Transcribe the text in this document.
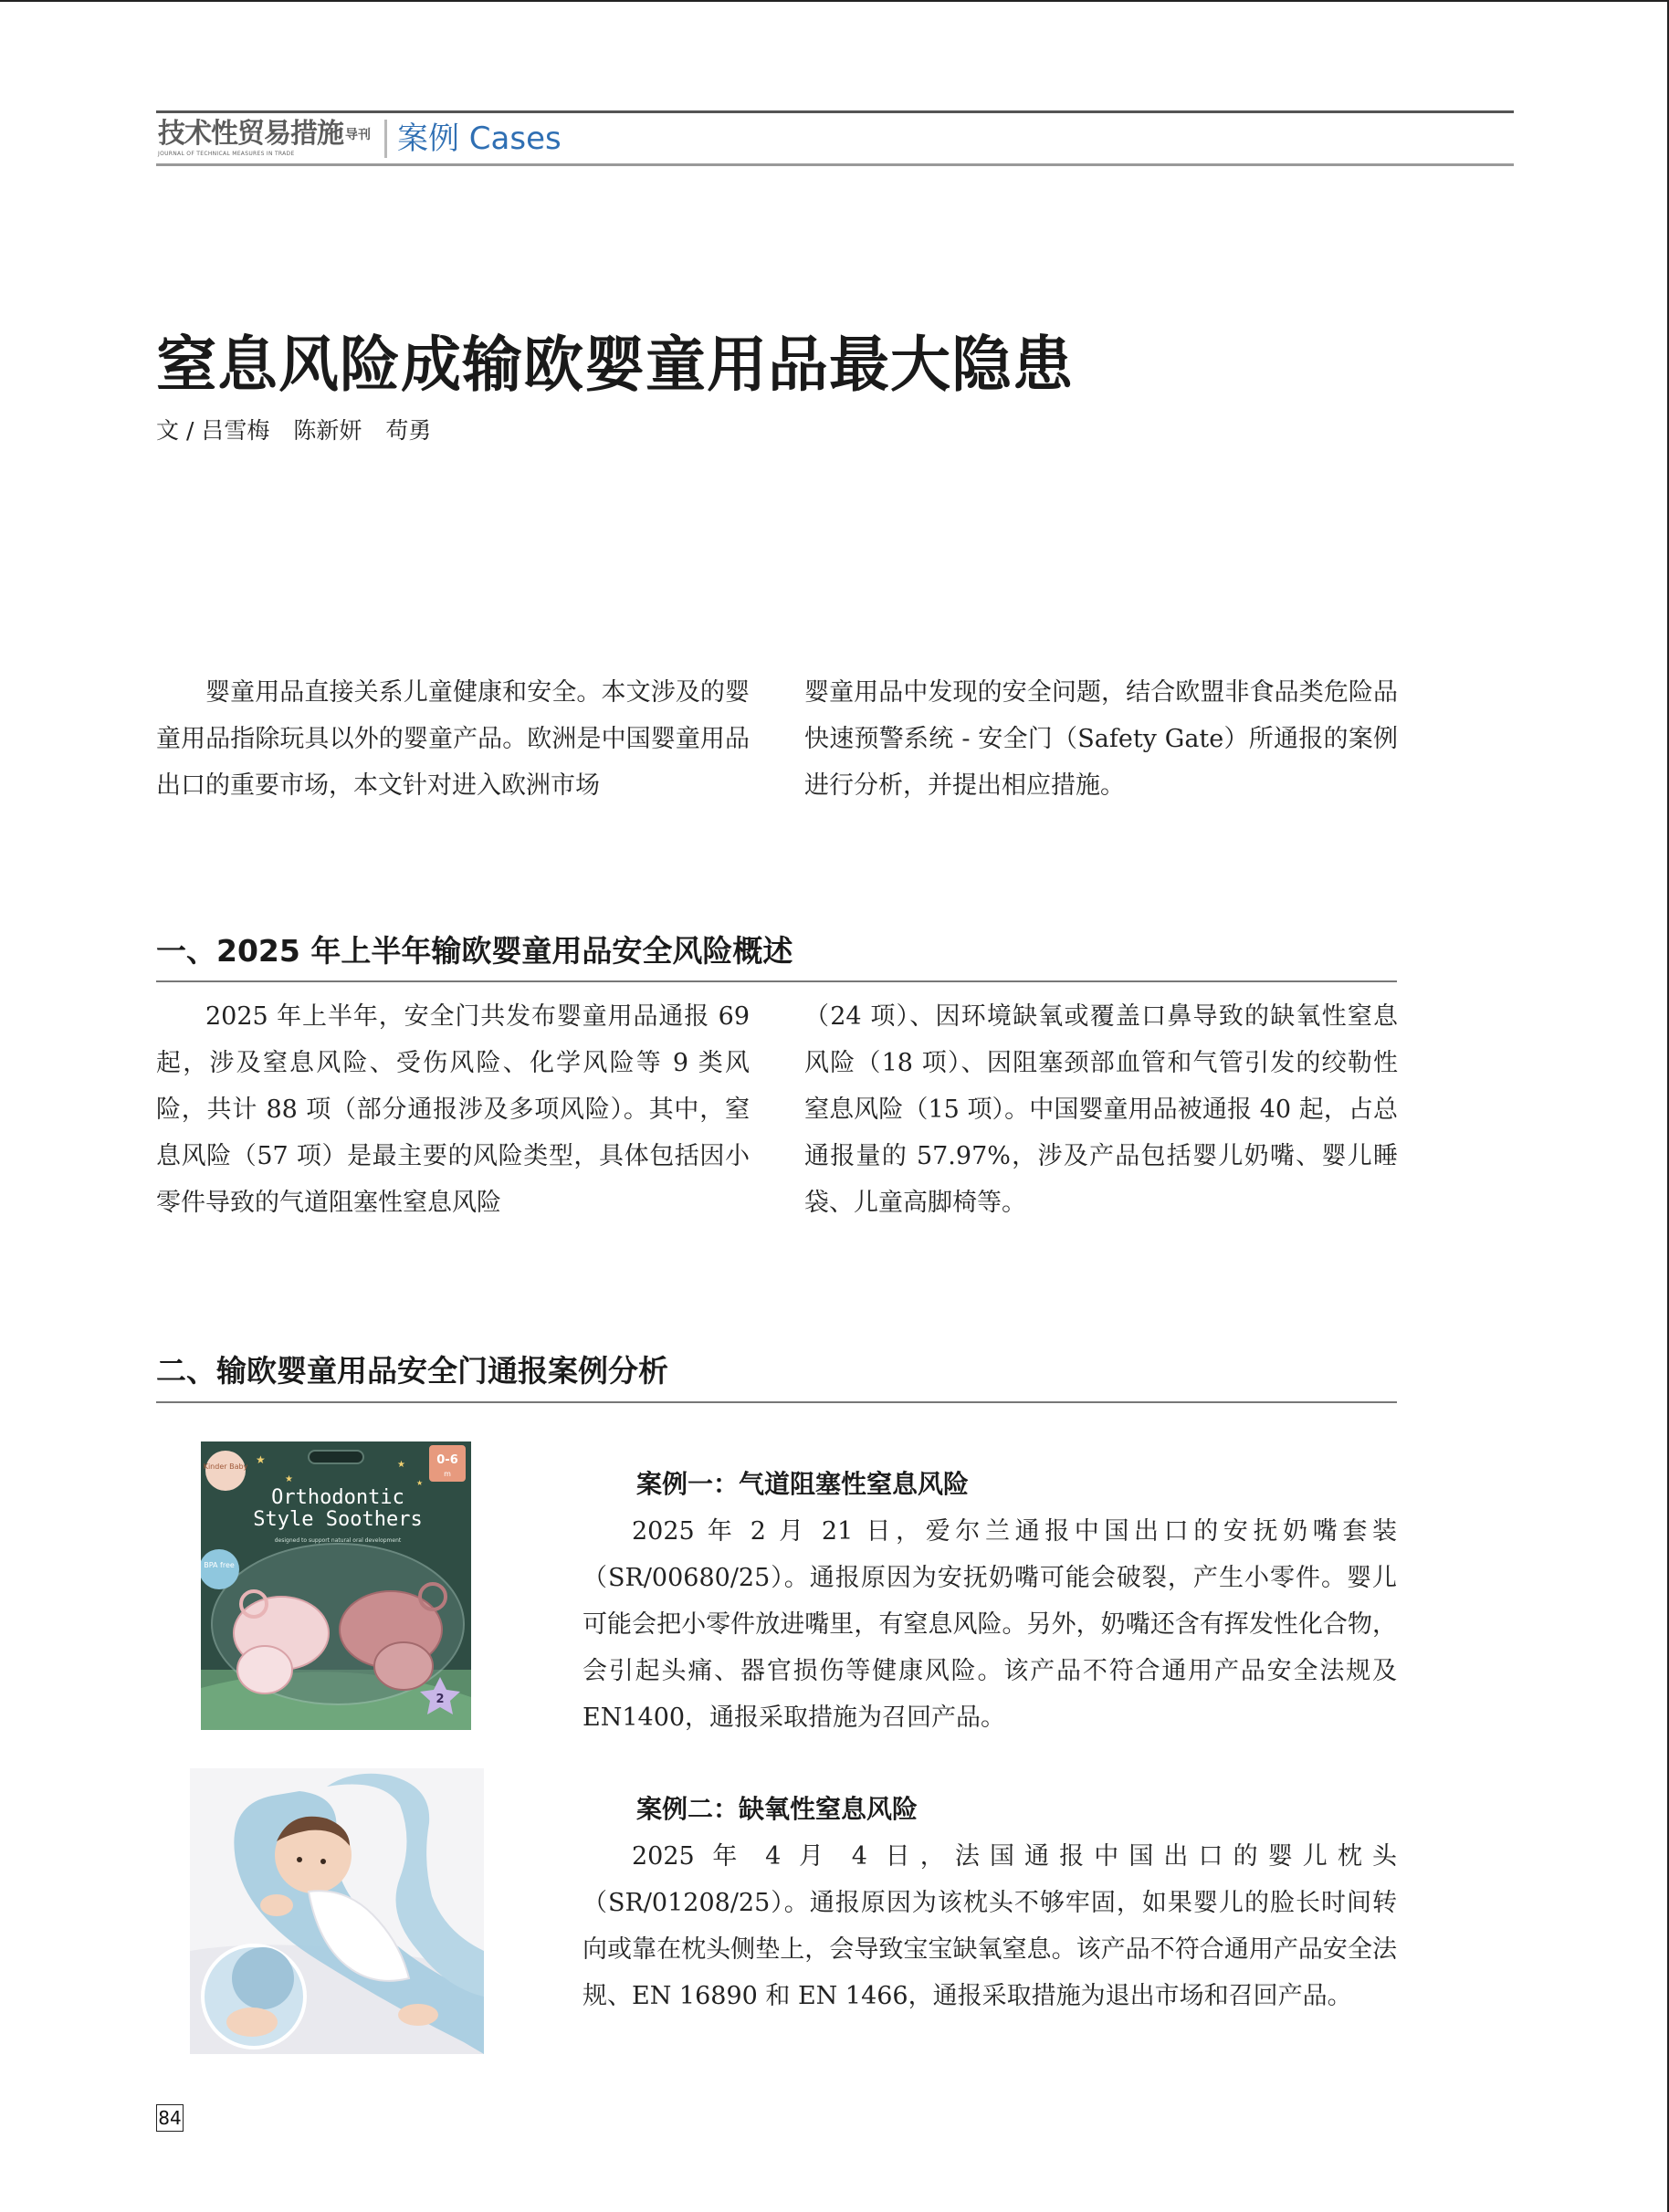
技术性贸易措施 导刊
JOURNAL OF TECHNICAL MEASURES IN TRADE	案例 Cases
窒息风险成输欧婴童用品最大隐患
文 / 吕雪梅 陈新妍 苟勇

婴童用品直接关系儿童健康和安全。本文涉及的婴童用品指除玩具以外的婴童产品。欧洲是中国婴童用品出口的重要市场，本文针对进入欧洲市场

婴童用品中发现的安全问题，结合欧盟非食品类危险品快速预警系统 - 安全门（Safety Gate）所通报的案例进行分析，并提出相应措施。

一、2025 年上半年输欧婴童用品安全风险概述

2025 年上半年，安全门共发布婴童用品通报 69 起，涉及窒息风险、受伤风险、化学风险等 9 类风险，共计 88 项（部分通报涉及多项风险）。其中，窒息风险（57 项）是最主要的风险类型，具体包括因小零件导致的气道阻塞性窒息风险

（24 项）、因环境缺氧或覆盖口鼻导致的缺氧性窒息风险（18 项）、因阻塞颈部血管和气管引发的绞勒性窒息风险（15 项）。中国婴童用品被通报 40 起，占总通报量的 57.97%，涉及产品包括婴儿奶嘴、婴儿睡袋、儿童高脚椅等。

二、输欧婴童用品安全门通报案例分析
Kinder Baby
★
★
★
★
0-6
m
Orthodontic
Style Soothers
designed to support natural oral development
BPA free
2
案例一：气道阻塞性窒息风险

2025 年 2 月 21 日，爱尔兰通报中国出口的安抚奶嘴套装（SR/00680/25）。通报原因为安抚奶嘴可能会破裂，产生小零件。婴儿可能会把小零件放进嘴里，有窒息风险。另外，奶嘴还含有挥发性化合物，会引起头痛、器官损伤等健康风险。该产品不符合通用产品安全法规及 EN1400，通报采取措施为召回产品。

案例二：缺氧性窒息风险

2025 年 4 月 4 日，法国通报中国出口的婴儿枕头（SR/01208/25）。通报原因为该枕头不够牢固，如果婴儿的脸长时间转向或靠在枕头侧垫上，会导致宝宝缺氧窒息。该产品不符合通用产品安全法规、EN 16890 和 EN 1466，通报采取措施为退出市场和召回产品。

84
